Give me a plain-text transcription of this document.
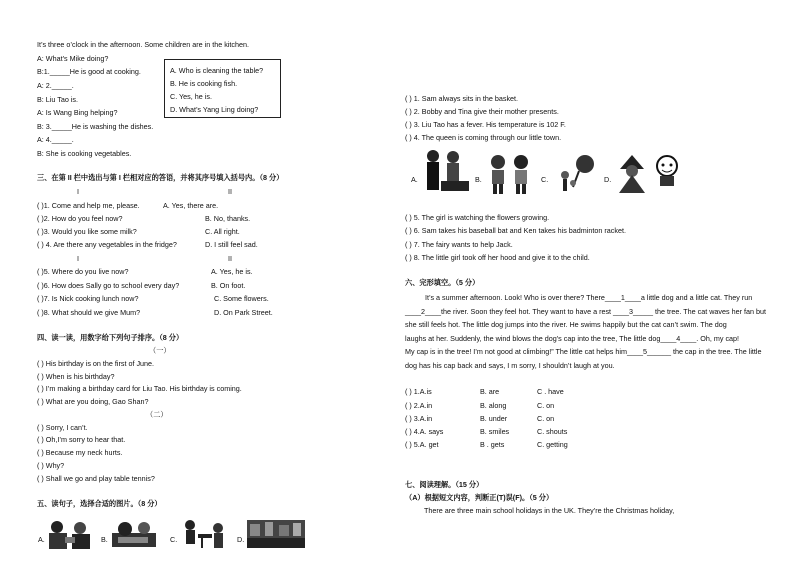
It’s three o’clock in the afternoon. Some children are in the kitchen.
A: What’s Mike doing?
B:1._____He is good at cooking.
A: 2._____.
B: Liu Tao is.
A: Is Wang Bing helping?
B: 3._____He is washing the dishes.
A: 4._____.
B: She is cooking vegetables.
A. Who is cleaning the table?
B. He is cooking fish.
C. Yes, he is.
D. What’s Yang Ling doing?
三、在第 II 栏中选出与第 I 栏相对应的答语，并将其序号填入括号内。（8 分）
I	II
( )1. Come and help me, please.	A. Yes, there are.
( )2. How do you feel now?	B. No, thanks.
( )3. Would you like some milk?	C. All right.
( ) 4. Are there any vegetables in the fridge?	D. I still feel sad.
I	II
( )5. Where do you live now?	A. Yes, he is.
( )6. How does Sally go to school every day?	B. On foot.
( )7. Is Nick cooking lunch now?	C. Some flowers.
( )8. What should we give Mum?	D. On Park Street.
四、读一读，用数字给下列句子排序。（8 分）
（一）
( ) His birthday is on the first of June.
( ) When is his birthday?
( ) I’m making a birthday card for Liu Tao. His birthday is coming.
( ) What are you doing, Gao Shan?
（二）
( ) Sorry, I can’t.
( ) Oh,I’m sorry to hear that.
( ) Because my neck hurts.
( ) Why?
( ) Shall we go and play table tennis?
五、读句子，选择合适的图片。（8 分）
A.	B.	C.	D.
( ) 1. Sam always sits in the basket.
( ) 2. Bobby and Tina give their mother presents.
( ) 3. Liu Tao has a fever. His temperature is 102 F.
( ) 4. The queen is coming through our little town.
A.	B.	C.	D.
( ) 5. The girl is watching the flowers growing.
( ) 6. Sam takes his baseball bat and Ken takes his badminton racket.
( ) 7. The fairy wants to help Jack.
( ) 8. The little girl took off her hood and give it to the child.
六、完形填空。（5 分）
It’s a summer afternoon. Look! Who is over there? There____1____a little dog and a little cat. They run
____2____the river. Soon they feel hot. They want to have a rest ____3_____ the tree. The cat waves her fan but
she still feels hot. The little dog jumps into the river. He swims happily but the cat can’t swim. The dog
laughs at her. Suddenly, the wind blows the dog’s cap into the tree, The little dog____4____. Oh, my cap!
My cap is in the tree! I’m not good at climbing!” The little cat helps him____5______ the cap in the tree. The little
dog has his cap back and says, I m sorry, I shouldn’t laugh at you.
( ) 1.A.is	B. are	C . have
( ) 2.A.in	B. along	C. on
( ) 3.A.in	B. under	C. on
( ) 4.A. says	B. smiles	C. shouts
( ) 5.A. get	B . gets	C. getting
七、阅读理解。（15 分）
（A）根据短文内容，判断正(T)误(F)。（5 分）
There are three main school holidays in the UK. They’re the Christmas holiday,
